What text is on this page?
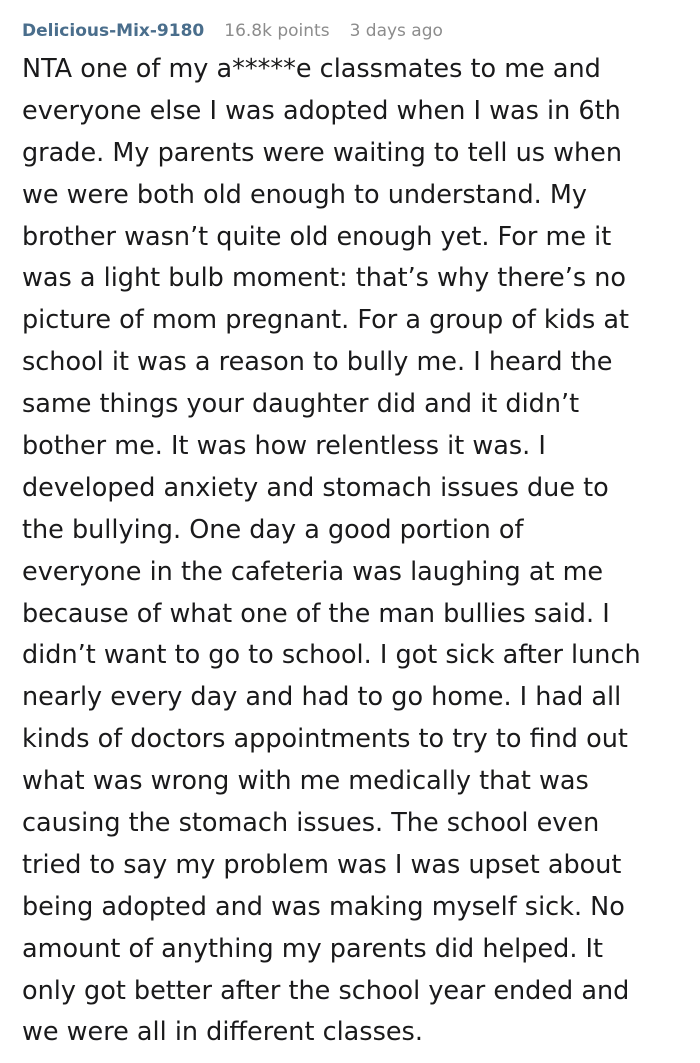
Delicious-Mix-9180 16.8k points 3 days ago
NTA one of my a*****e classmates to me and
everyone else I was adopted when I was in 6th
grade. My parents were waiting to tell us when
we were both old enough to understand. My
brother wasn’t quite old enough yet. For me it
was a light bulb moment: that’s why there’s no
picture of mom pregnant. For a group of kids at
school it was a reason to bully me. I heard the
same things your daughter did and it didn’t
bother me. It was how relentless it was. I
developed anxiety and stomach issues due to
the bullying. One day a good portion of
everyone in the cafeteria was laughing at me
because of what one of the man bullies said. I
didn’t want to go to school. I got sick after lunch
nearly every day and had to go home. I had all
kinds of doctors appointments to try to find out
what was wrong with me medically that was
causing the stomach issues. The school even
tried to say my problem was I was upset about
being adopted and was making myself sick. No
amount of anything my parents did helped. It
only got better after the school year ended and
we were all in different classes.
